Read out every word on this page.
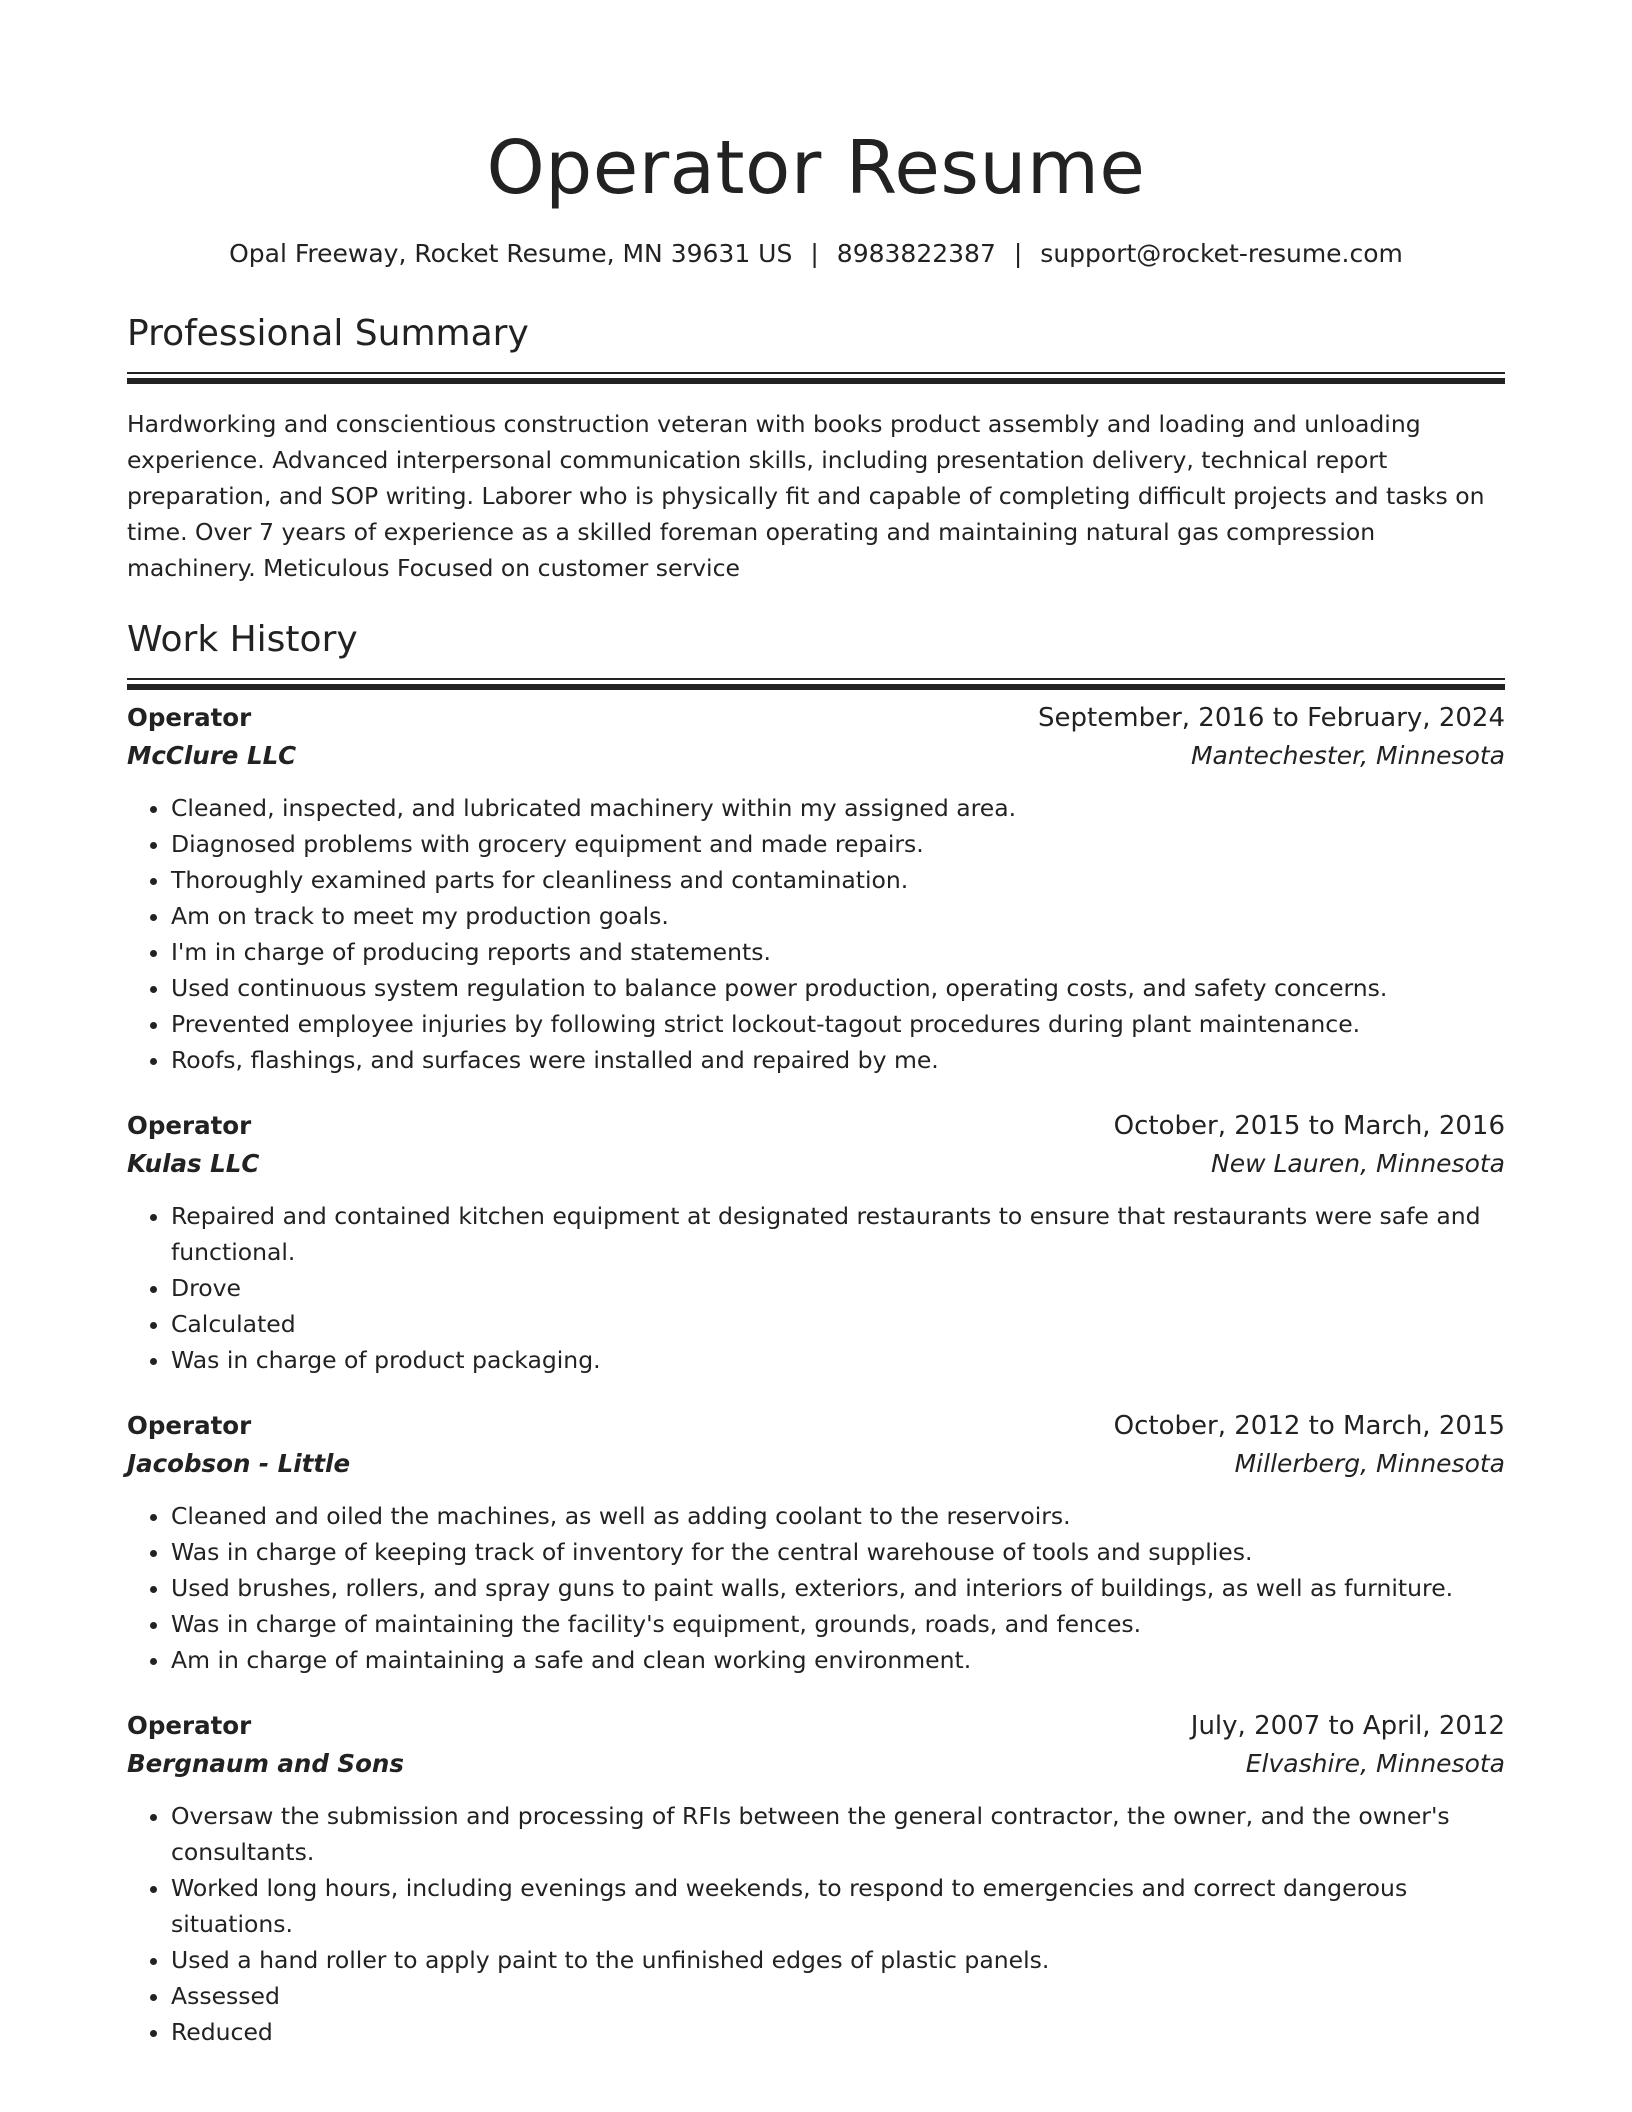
Operator Resume
Opal Freeway, Rocket Resume, MN 39631 US | 8983822387 | support@rocket-resume.com
Professional Summary

Hardworking and conscientious construction veteran with books product assembly and loading and unloading experience. Advanced interpersonal communication skills, including presentation delivery, technical report preparation, and SOP writing. Laborer who is physically fit and capable of completing difficult projects and tasks on time. Over 7 years of experience as a skilled foreman operating and maintaining natural gas compression machinery. Meticulous Focused on customer service

Work History
Operator	September, 2016 to February, 2024
McClure LLC	Mantechester, Minnesota
• Cleaned, inspected, and lubricated machinery within my assigned area.
• Diagnosed problems with grocery equipment and made repairs.
• Thoroughly examined parts for cleanliness and contamination.
• Am on track to meet my production goals.
• I'm in charge of producing reports and statements.
• Used continuous system regulation to balance power production, operating costs, and safety concerns.
• Prevented employee injuries by following strict lockout-tagout procedures during plant maintenance.
• Roofs, flashings, and surfaces were installed and repaired by me.
Operator	October, 2015 to March, 2016
Kulas LLC	New Lauren, Minnesota
• Repaired and contained kitchen equipment at designated restaurants to ensure that restaurants were safe and functional.
• Drove
• Calculated
• Was in charge of product packaging.
Operator	October, 2012 to March, 2015
Jacobson - Little	Millerberg, Minnesota
• Cleaned and oiled the machines, as well as adding coolant to the reservoirs.
• Was in charge of keeping track of inventory for the central warehouse of tools and supplies.
• Used brushes, rollers, and spray guns to paint walls, exteriors, and interiors of buildings, as well as furniture.
• Was in charge of maintaining the facility's equipment, grounds, roads, and fences.
• Am in charge of maintaining a safe and clean working environment.
Operator	July, 2007 to April, 2012
Bergnaum and Sons	Elvashire, Minnesota
• Oversaw the submission and processing of RFIs between the general contractor, the owner, and the owner's consultants.
• Worked long hours, including evenings and weekends, to respond to emergencies and correct dangerous situations.
• Used a hand roller to apply paint to the unfinished edges of plastic panels.
• Assessed
• Reduced
